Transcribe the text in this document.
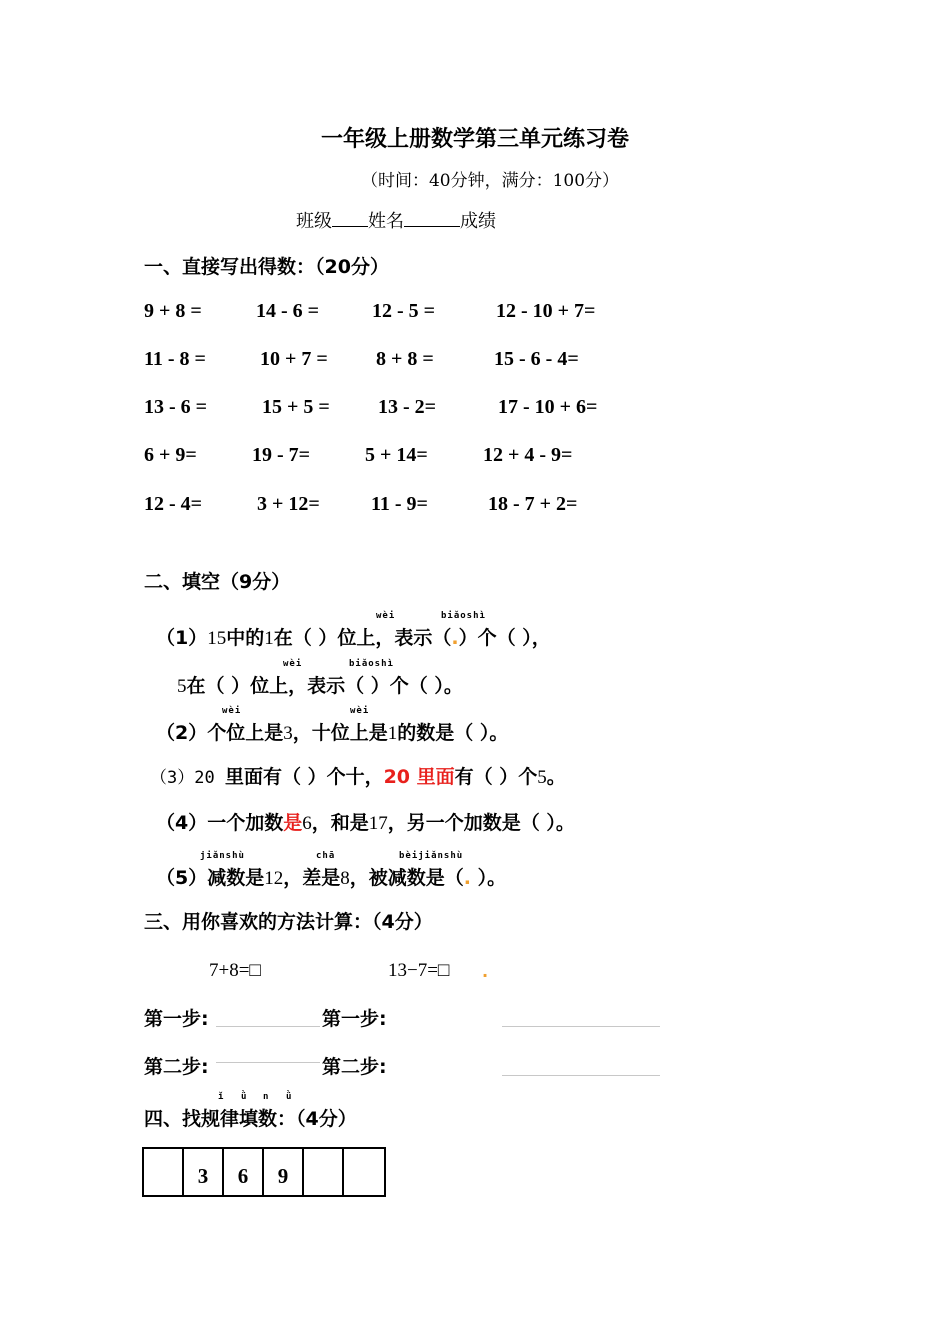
一年级上册数学第三单元练习卷
（时间：40分钟，满分：100分）
班级 姓名	成绩
一、直接写出得数：（20分）
9 + 8 =	14 - 6 =	12 - 5 =	12 - 10 + 7=
11 - 8 =	10 + 7 = 8 + 8 =	15 - 6 - 4=
13 - 6 =	15 + 5 = 13 - 2=	17 - 10 + 6=
6 + 9=	19 - 7=	5 + 14=	12 + 4 - 9=
12 - 4=	3 + 12=	11 - 9=	18 - 7 + 2=
二、填空（9分）
wèi	biǎoshì
（1）15中的1在（ ）位上，表示（.）个（ ），
wèi	biǎoshì
5在（ ）位上，表示（ ）个（ ）。
wèi	wèi
（2）个位上是3，十位上是1的数是（ ）。
（3）20 里面有（ ）个十，20 里面有（ ）个5。
（4）一个加数是6，和是17，另一个加数是（ ）。
jiǎnshù	chā	bèijiǎnshù
（5）减数是12，差是8，被减数是（. ）。
三、用你喜欢的方法计算：（4分）
7+8=□	13−7=□ .
第一步:	第一步:
第二步:	第二步:
ǐ ǜ n ǜ
四、找规律填数：（4分）
3	6	9
